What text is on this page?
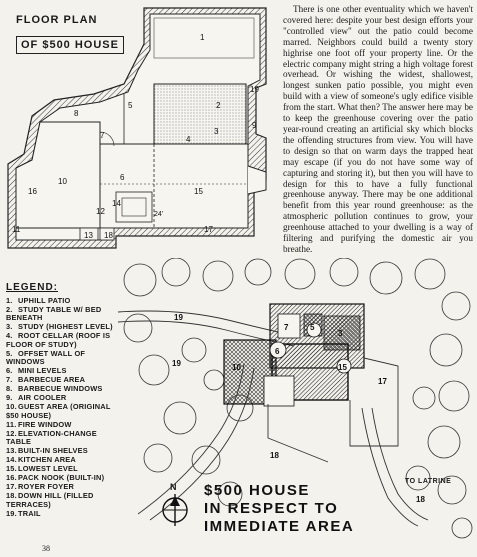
1
2
3
4
5
6
7
8
9
10
11
12
13
14
15
16
17
18
19
24'
FLOOR PLAN
OF $500 HOUSE
There is one other eventuality which we haven't covered here: despite your best design efforts your "controlled view" out the patio could become marred. Neighbors could build a twenty story highrise one foot off your property line. Or the electric company might string a high voltage forest overhead. Or wishing the widest, shallowest, longest sunken patio possible, you might even build with a view of someone's ugly edifice visible from the start. What then? The answer here may be to keep the greenhouse covering over the patio year-round creating an artificial sky which blocks the offending structures from view. You will have to design so that on warm days the trapped heat may escape (if you do not have some way of capturing and storing it), but then you will have to design for this to have a fully functional greenhouse anyway. There may be one additional benefit from this year round greenhouse: as the atmospheric pollution continues to grow, your greenhouse attached to your dwelling is a way of filtering and purifying the domestic air you breathe.
LEGEND:
1. UPHILL PATIO
2. STUDY TABLE W/ BED BENEATH
3. STUDY (HIGHEST LEVEL)
4. ROOT CELLAR (ROOF IS FLOOR OF STUDY)
5. OFFSET WALL OF WINDOWS
6. MINI LEVELS
7. BARBECUE AREA
8. BARBECUE WINDOWS
9. AIR COOLER
10.GUEST AREA (ORIGINAL $50 HOUSE)
11. FIRE WINDOW
12.ELEVATION-CHANGE TABLE
13.BUILT-IN SHELVES
14.KITCHEN AREA
15.LOWEST LEVEL
16.PACK NOOK (BUILT-IN)
17.ROYER FOYER
18.DOWN HILL (FILLED TERRACES)
19.TRAIL
19
19
7	5
3
6
10	15
17
18
18
N $500 HOUSE
IN RESPECT TO
IMMEDIATE AREA
TO LATRINE
38
